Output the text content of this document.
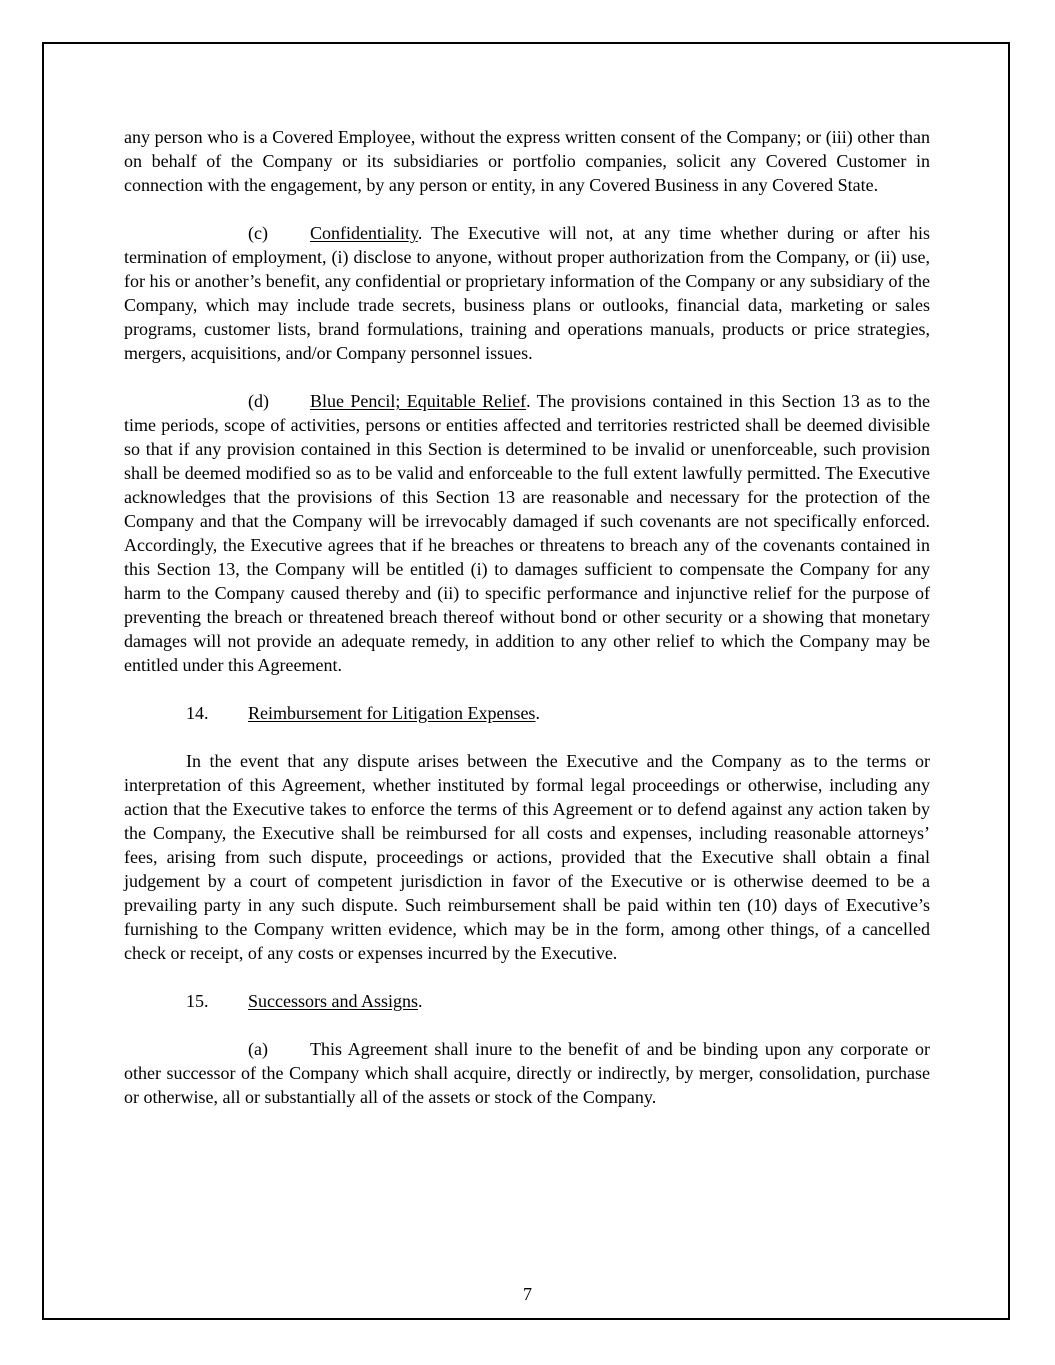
any person who is a Covered Employee, without the express written consent of the Company; or (iii) other than on behalf of the Company or its subsidiaries or portfolio companies, solicit any Covered Customer in connection with the engagement, by any person or entity, in any Covered Business in any Covered State.

(c) Confidentiality. The Executive will not, at any time whether during or after his termination of employment, (i) disclose to anyone, without proper authorization from the Company, or (ii) use, for his or another’s benefit, any confidential or proprietary information of the Company or any subsidiary of the Company, which may include trade secrets, business plans or outlooks, financial data, marketing or sales programs, customer lists, brand formulations, training and operations manuals, products or price strategies, mergers, acquisitions, and/or Company personnel issues.

(d) Blue Pencil; Equitable Relief. The provisions contained in this Section 13 as to the time periods, scope of activities, persons or entities affected and territories restricted shall be deemed divisible so that if any provision contained in this Section is determined to be invalid or unenforceable, such provision shall be deemed modified so as to be valid and enforceable to the full extent lawfully permitted. The Executive acknowledges that the provisions of this Section 13 are reasonable and necessary for the protection of the Company and that the Company will be irrevocably damaged if such covenants are not specifically enforced. Accordingly, the Executive agrees that if he breaches or threatens to breach any of the covenants contained in this Section 13, the Company will be entitled (i) to damages sufficient to compensate the Company for any harm to the Company caused thereby and (ii) to specific performance and injunctive relief for the purpose of preventing the breach or threatened breach thereof without bond or other security or a showing that monetary damages will not provide an adequate remedy, in addition to any other relief to which the Company may be entitled under this Agreement.

14. Reimbursement for Litigation Expenses.

In the event that any dispute arises between the Executive and the Company as to the terms or interpretation of this Agreement, whether instituted by formal legal proceedings or otherwise, including any action that the Executive takes to enforce the terms of this Agreement or to defend against any action taken by the Company, the Executive shall be reimbursed for all costs and expenses, including reasonable attorneys’ fees, arising from such dispute, proceedings or actions, provided that the Executive shall obtain a final judgement by a court of competent jurisdiction in favor of the Executive or is otherwise deemed to be a prevailing party in any such dispute. Such reimbursement shall be paid within ten (10) days of Executive’s furnishing to the Company written evidence, which may be in the form, among other things, of a cancelled check or receipt, of any costs or expenses incurred by the Executive.

15. Successors and Assigns.

(a) This Agreement shall inure to the benefit of and be binding upon any corporate or other successor of the Company which shall acquire, directly or indirectly, by merger, consolidation, purchase or otherwise, all or substantially all of the assets or stock of the Company.

7
